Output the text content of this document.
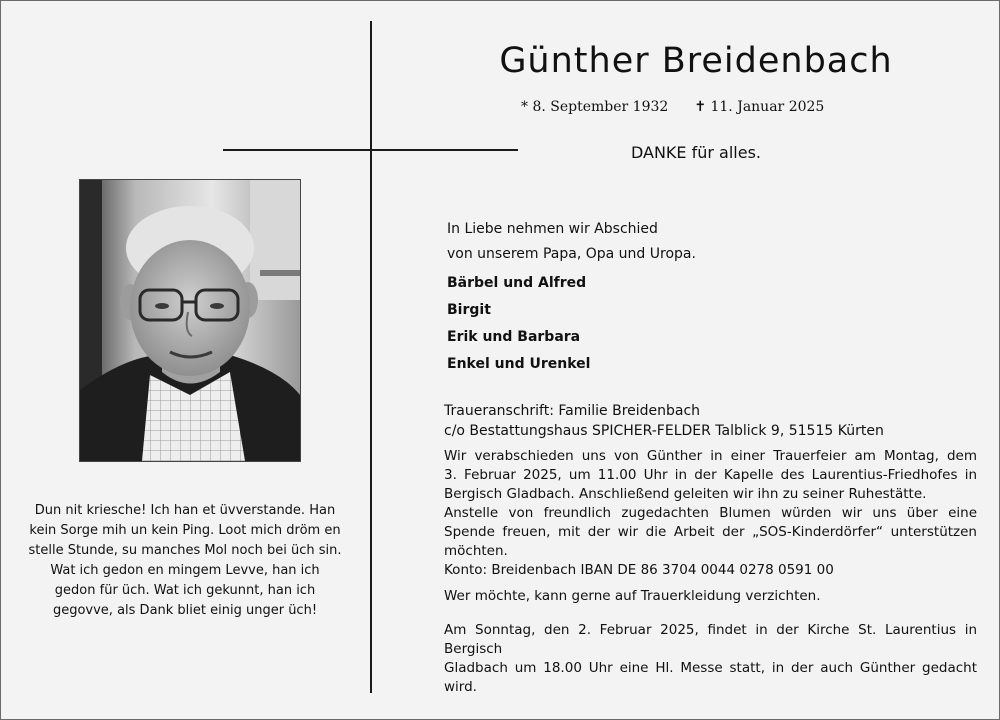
Günther Breidenbach
* 8. September 1932 ✝ 11. Januar 2025
DANKE für alles.
Dun nit kriesche! Ich han et üvverstande. Han
kein Sorge mih un kein Ping. Loot mich dröm en
stelle Stunde, su manches Mol noch bei üch sin.
Wat ich gedon en mingem Levve, han ich
gedon für üch. Wat ich gekunnt, han ich
gegovve, als Dank bliet einig unger üch!
In Liebe nehmen wir Abschied
von unserem Papa, Opa und Uropa.
Bärbel und Alfred
Birgit
Erik und Barbara
Enkel und Urenkel
Traueranschrift: Familie Breidenbach
c/o Bestattungshaus SPICHER-FELDER Talblick 9, 51515 Kürten
Wir verabschieden uns von Günther in einer Trauerfeier am Montag, dem
3. Februar 2025, um 11.00 Uhr in der Kapelle des Laurentius-Friedhofes in
Bergisch Gladbach. Anschließend geleiten wir ihn zu seiner Ruhestätte.
Anstelle von freundlich zugedachten Blumen würden wir uns über eine
Spende freuen, mit der wir die Arbeit der „SOS-Kinderdörfer“ unterstützen
möchten.
Konto: Breidenbach IBAN DE 86 3704 0044 0278 0591 00
Wer möchte, kann gerne auf Trauerkleidung verzichten.
Am Sonntag, den 2. Februar 2025, findet in der Kirche St. Laurentius in Bergisch
Gladbach um 18.00 Uhr eine Hl. Messe statt, in der auch Günther gedacht
wird.
